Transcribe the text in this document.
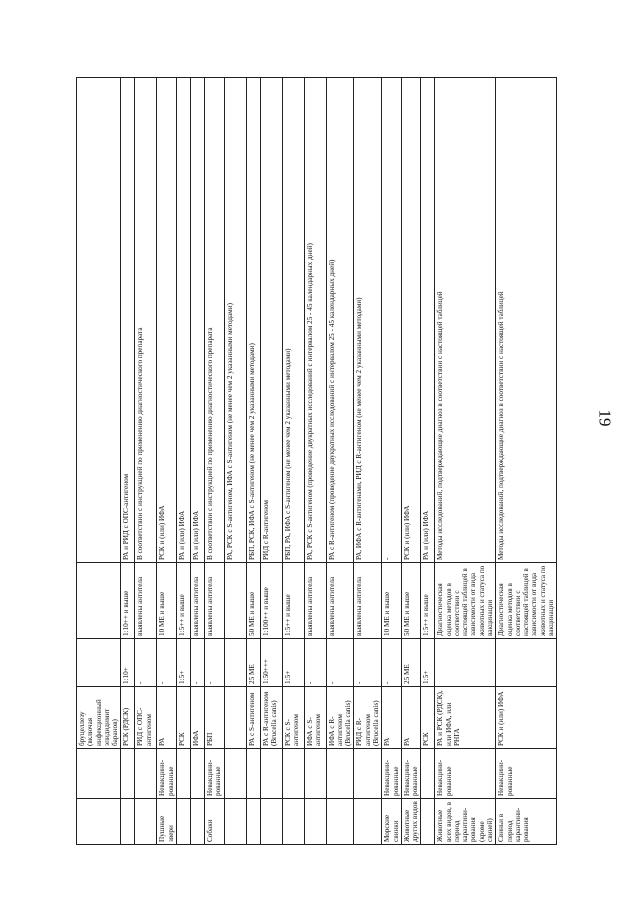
19
		бруцеллезу (включая инфекционный эпидидимит баранов)			
		РСК (РДСК)	1:10+	1:10++ и выше	РА и РИД с ОПС-антигеном
		РИД с ОПС-антигеном	-	выявлены антитела	В соответствии с инструкцией по применению диагностического препарата
Пушные звери	Невакцини-рованные	РА	-	10 МЕ и выше	РСК и (или) ИФА
		РСК	1:5+	1:5++ и выше	РА и (или) ИФА
		ИФА	-	выявлены антитела	РА и (или) ИФА
Собаки	Невакцини-рованные	РБП	-	выявлены антитела	В соответствии с инструкцией по применению диагностического препарата
					РА, РСК с S-антигеном, ИФА с S-антигеном (не менее чем 2 указанными методами)
		РА с S-антигеном	25 МЕ	50 МЕ и выше	РБП, РСК, ИФА с S-антигеном (не менее чем 2 указанными методами)
		РА с R-антигеном (Brucella canis)	1:50+++	1:100++ и выше	РИД с R-антигеном
		РСК с S-антигеном	1:5+	1:5++ и выше	РБП, РА, ИФА с S-антигеном (не менее чем 2 указанными методами)
		ИФА с S-антигеном	-	выявлены антитела	РА, РСК с S-антигеном (проведение двукратных исследований с интервалом 25 - 45 календарных дней)
		ИФА с R-антигеном (Brucella canis)	-	выявлены антитела	РА с R-антигеном (проведение двукратных исследований с интервалом 25 - 45 календарных дней)
		РИД с R-антигеном (Brucella canis)	-	выявлены антитела	РА, ИФА с R-антигенами, РИД с R-антигеном (не менее чем 2 указанными методами)
Морские свинки	Невакцини-рованные	РА	-	10 МЕ и выше	-
Животные других видов	Невакцини-рованные	РА	25 МЕ	50 МЕ и выше	РСК и (или) ИФА
		РСК	1:5+	1:5++ и выше	РА и (или) ИФА
Животные всех видов, в период карантини-рования (кроме свиней)	Невакцини-рованные	РА и РСК (РДСК), или ИФА, или РНГА		Диагностическая оценка методов в соответствии с настоящей таблицей в зависимости от вида животных и статуса по вакцинации	Методы исследований, подтверждающие диагноз в соответствии с настоящей таблицей
Свиньи в период карантини-рования	Невакцини-рованные	РСК и (или) ИФА		Диагностическая оценка методов в соответствии с настоящей таблицей в зависимости от вида животных и статуса по вакцинации	Методы исследований, подтверждающие диагноз в соответствии с настоящей таблицей
